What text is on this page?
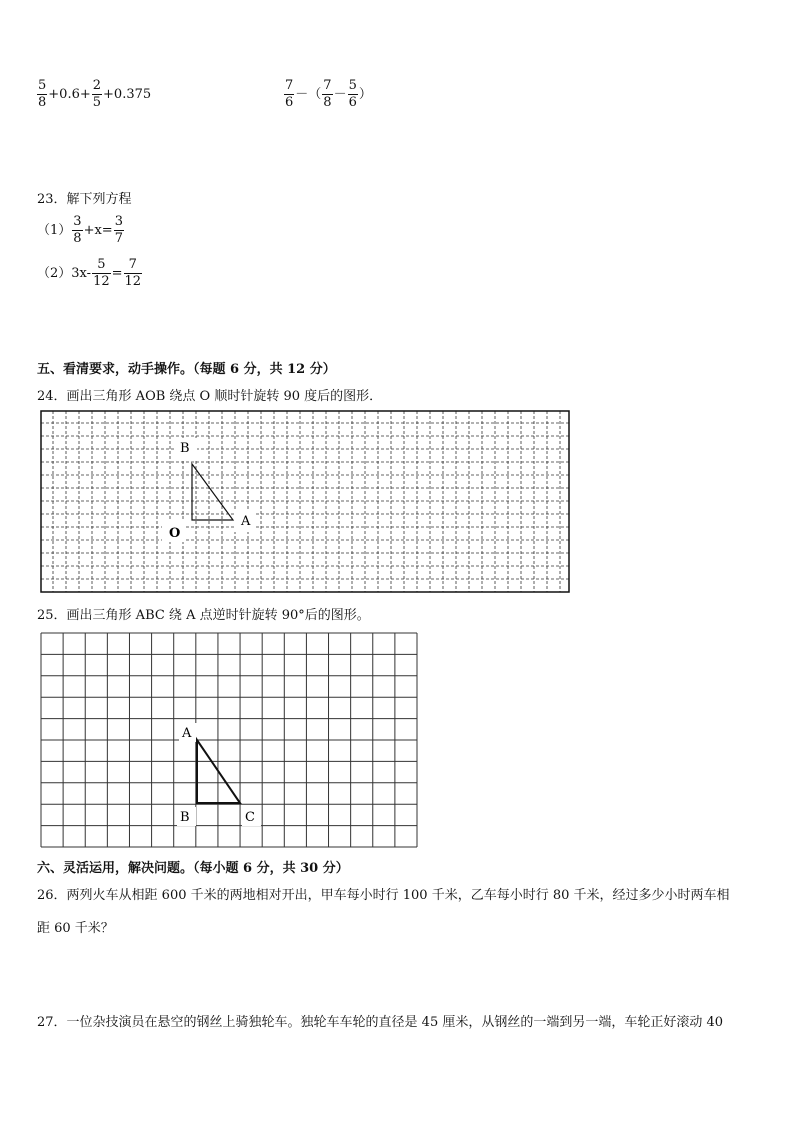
$\frac{5}{8} +0.6+ \frac{2}{5} +0.375$	$\frac{7}{6}$ －（ $\frac{7}{8} - \frac{5}{6}$ ）
23．解下列方程
$(1) \frac{3}{8} +x= \frac{3}{7}$
（2） $3x- \frac{5}{12} = \frac{7}{12}$
五、看清要求，动手操作。（每题 6 分，共 12 分）
24．画出三角形 AOB 绕点 O 顺时针旋转 90 度后的图形．
B
A
O
25．画出三角形 ABC 绕 A 点逆时针旋转 90°后的图形。
A
B	C
六、灵活运用，解决问题。（每小题 6 分，共 30 分）
26．两列火车从相距 600 千米的两地相对开出，甲车每小时行 100 千米，乙车每小时行 80 千米，经过多少小时两车相
距 60 千米？
27．一位杂技演员在悬空的钢丝上骑独轮车。独轮车车轮的直径是 45 厘米，从钢丝的一端到另一端，车轮正好滚动 40
